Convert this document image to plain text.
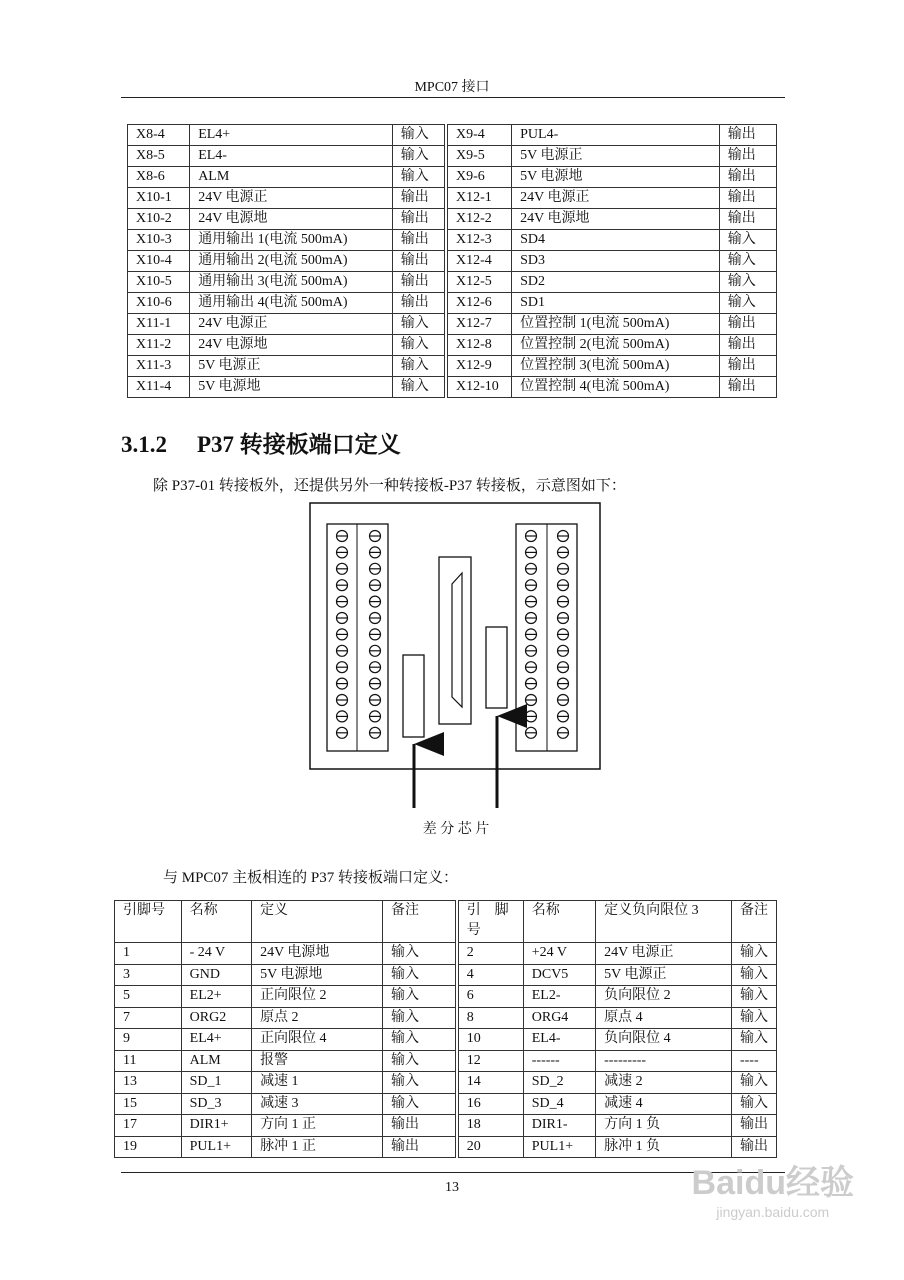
MPC07 接口
X8-4	EL4+	输入	X9-4	PUL4-	输出
X8-5	EL4-	输入	X9-5	5V 电源正	输出
X8-6	ALM	输入	X9-6	5V 电源地	输出
X10-1	24V 电源正	输出	X12-1	24V 电源正	输出
X10-2	24V 电源地	输出	X12-2	24V 电源地	输出
X10-3	通用输出 1(电流 500mA)	输出	X12-3	SD4	输入
X10-4	通用输出 2(电流 500mA)	输出	X12-4	SD3	输入
X10-5	通用输出 3(电流 500mA)	输出	X12-5	SD2	输入
X10-6	通用输出 4(电流 500mA)	输出	X12-6	SD1	输入
X11-1	24V 电源正	输入	X12-7	位置控制 1(电流 500mA)	输出
X11-2	24V 电源地	输入	X12-8	位置控制 2(电流 500mA)	输出
X11-3	5V 电源正	输入	X12-9	位置控制 3(电流 500mA)	输出
X11-4	5V 电源地	输入	X12-10	位置控制 4(电流 500mA)	输出
3.1.2 P37 转接板端口定义
除 P37-01 转接板外，还提供另外一种转接板-P37 转接板，示意图如下：
差 分 芯 片
与 MPC07 主板相连的 P37 转接板端口定义：
引脚号	名称	定义	备注	引　脚号	名称	定义负向限位 3	备注
1	- 24 V	24V 电源地	输入	2	+24 V	24V 电源正	输入
3	GND	5V 电源地	输入	4	DCV5	5V 电源正	输入
5	EL2+	正向限位 2	输入	6	EL2-	负向限位 2	输入
7	ORG2	原点 2	输入	8	ORG4	原点 4	输入
9	EL4+	正向限位 4	输入	10	EL4-	负向限位 4	输入
11	ALM	报警	输入	12	------	---------	----
13	SD_1	减速 1	输入	14	SD_2	减速 2	输入
15	SD_3	减速 3	输入	16	SD_4	减速 4	输入
17	DIR1+	方向 1 正	输出	18	DIR1-	方向 1 负	输出
19	PUL1+	脉冲 1 正	输出	20	PUL1+	脉冲 1 负	输出
13	Baidu经验
jingyan.baidu.com
